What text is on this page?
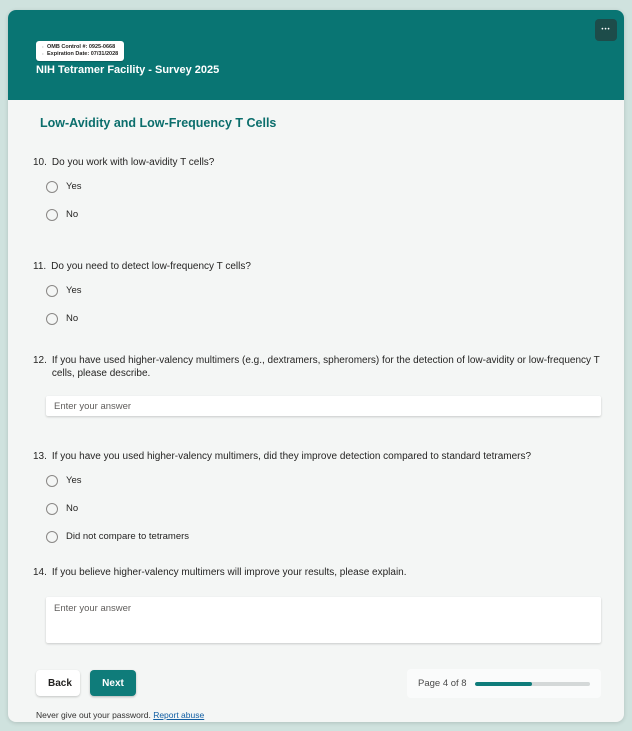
· OMB Control #: 0925-0668
· Expiration Date: 07/31/2028
NIH Tetramer Facility - Survey 2025
•••
Low-Avidity and Low-Frequency T Cells
10. Do you work with low-avidity T cells?
Yes
No
11. Do you need to detect low-frequency T cells?
Yes
No
12. If you have used higher-valency multimers (e.g., dextramers, spheromers) for the detection of low-avidity or low-frequency T cells, please describe.
Enter your answer
13. If you have you used higher-valency multimers, did they improve detection compared to standard tetramers?
Yes
No
Did not compare to tetramers
14. If you believe higher-valency multimers will improve your results, please explain.
Enter your answer
Back	Next	Page 4 of 8
Never give out your password. Report abuse
